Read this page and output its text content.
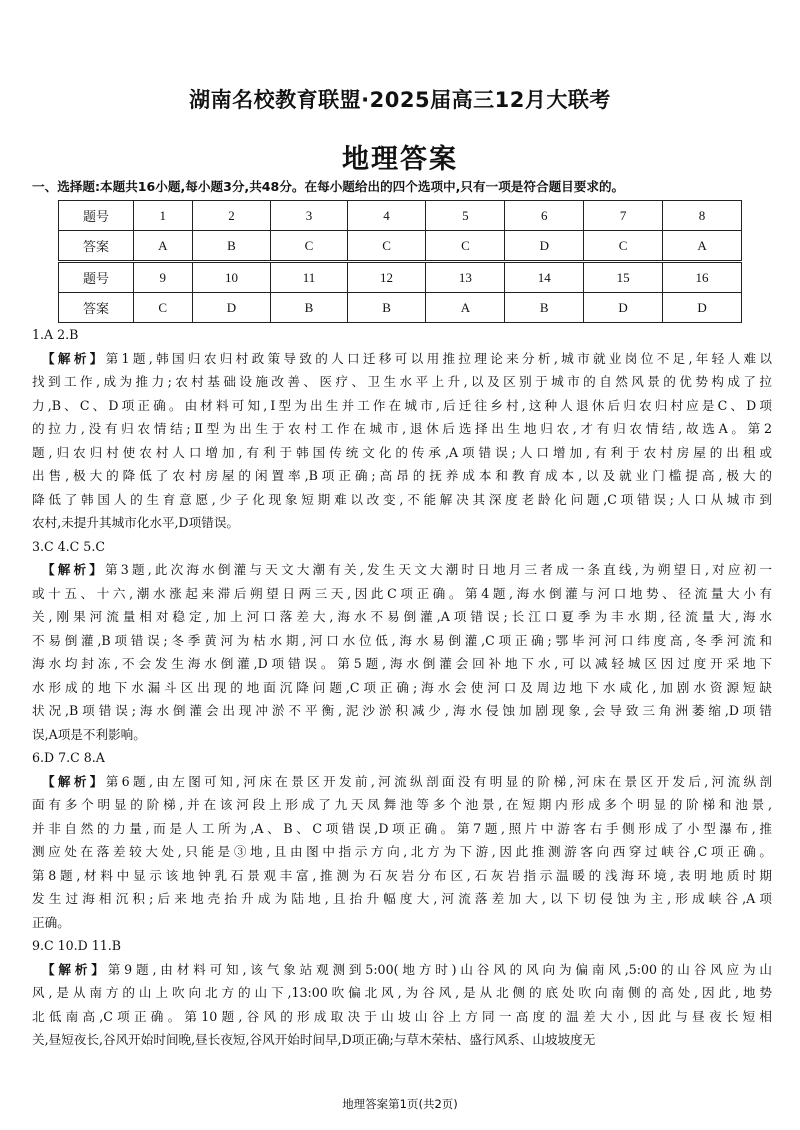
湖南名校教育联盟·2025届高三12月大联考
地理答案
一、选择题:本题共16小题,每小题3分,共48分。在每小题给出的四个选项中,只有一项是符合题目要求的。
题号	1	2	3	4	5	6	7	8
答案	A	B	C	C	C	D	C	A
题号	9	10	11	12	13	14	15	16
答案	C	D	B	B	A	B	D	D
1.A 2.B
【解析】第1题,韩国归农归村政策导致的人口迁移可以用推拉理论来分析,城市就业岗位不足,年轻人难以
找到工作,成为推力;农村基础设施改善、医疗、卫生水平上升,以及区别于城市的自然风景的优势构成了拉
力,B、C、D项正确。由材料可知,Ⅰ型为出生并工作在城市,后迁往乡村,这种人退休后归农归村应是C、D项
的拉力,没有归农情结;Ⅱ型为出生于农村工作在城市,退休后选择出生地归农,才有归农情结,故选A。第2
题,归农归村使农村人口增加,有利于韩国传统文化的传承,A项错误;人口增加,有利于农村房屋的出租或
出售,极大的降低了农村房屋的闲置率,B项正确;高昂的抚养成本和教育成本,以及就业门槛提高,极大的
降低了韩国人的生育意愿,少子化现象短期难以改变,不能解决其深度老龄化问题,C项错误;人口从城市到
农村,未提升其城市化水平,D项错误。
3.C 4.C 5.C
【解析】第3题,此次海水倒灌与天文大潮有关,发生天文大潮时日地月三者成一条直线,为朔望日,对应初一
或十五、十六,潮水涨起来滞后朔望日两三天,因此C项正确。第4题,海水倒灌与河口地势、径流量大小有
关,刚果河流量相对稳定,加上河口落差大,海水不易倒灌,A项错误;长江口夏季为丰水期,径流量大,海水
不易倒灌,B项错误;冬季黄河为枯水期,河口水位低,海水易倒灌,C项正确;鄂毕河河口纬度高,冬季河流和
海水均封冻,不会发生海水倒灌,D项错误。第5题,海水倒灌会回补地下水,可以减轻城区因过度开采地下
水形成的地下水漏斗区出现的地面沉降问题,C项正确;海水会使河口及周边地下水咸化,加剧水资源短缺
状况,B项错误;海水倒灌会出现冲淤不平衡,泥沙淤积减少,海水侵蚀加剧现象,会导致三角洲萎缩,D项错
误,A项是不利影响。
6.D 7.C 8.A
【解析】第6题,由左图可知,河床在景区开发前,河流纵剖面没有明显的阶梯,河床在景区开发后,河流纵剖
面有多个明显的阶梯,并在该河段上形成了九天凤舞池等多个池景,在短期内形成多个明显的阶梯和池景,
并非自然的力量,而是人工所为,A、B、C项错误,D项正确。第7题,照片中游客右手侧形成了小型瀑布,推
测应处在落差较大处,只能是③地,且由图中指示方向,北方为下游,因此推测游客向西穿过峡谷,C项正确。
第8题,材料中显示该地钟乳石景观丰富,推测为石灰岩分布区,石灰岩指示温暖的浅海环境,表明地质时期
发生过海相沉积;后来地壳抬升成为陆地,且抬升幅度大,河流落差加大,以下切侵蚀为主,形成峡谷,A项
正确。
9.C 10.D 11.B
【解析】第9题,由材料可知,该气象站观测到5:00(地方时)山谷风的风向为偏南风,5:00的山谷风应为山
风,是从南方的山上吹向北方的山下,13:00吹偏北风,为谷风,是从北侧的底处吹向南侧的高处,因此,地势
北低南高,C项正确。第10题,谷风的形成取决于山坡山谷上方同一高度的温差大小,因此与昼夜长短相
关,昼短夜长,谷风开始时间晚,昼长夜短,谷风开始时间早,D项正确;与草木荣枯、盛行风系、山坡坡度无
地理答案第1页(共2页)
